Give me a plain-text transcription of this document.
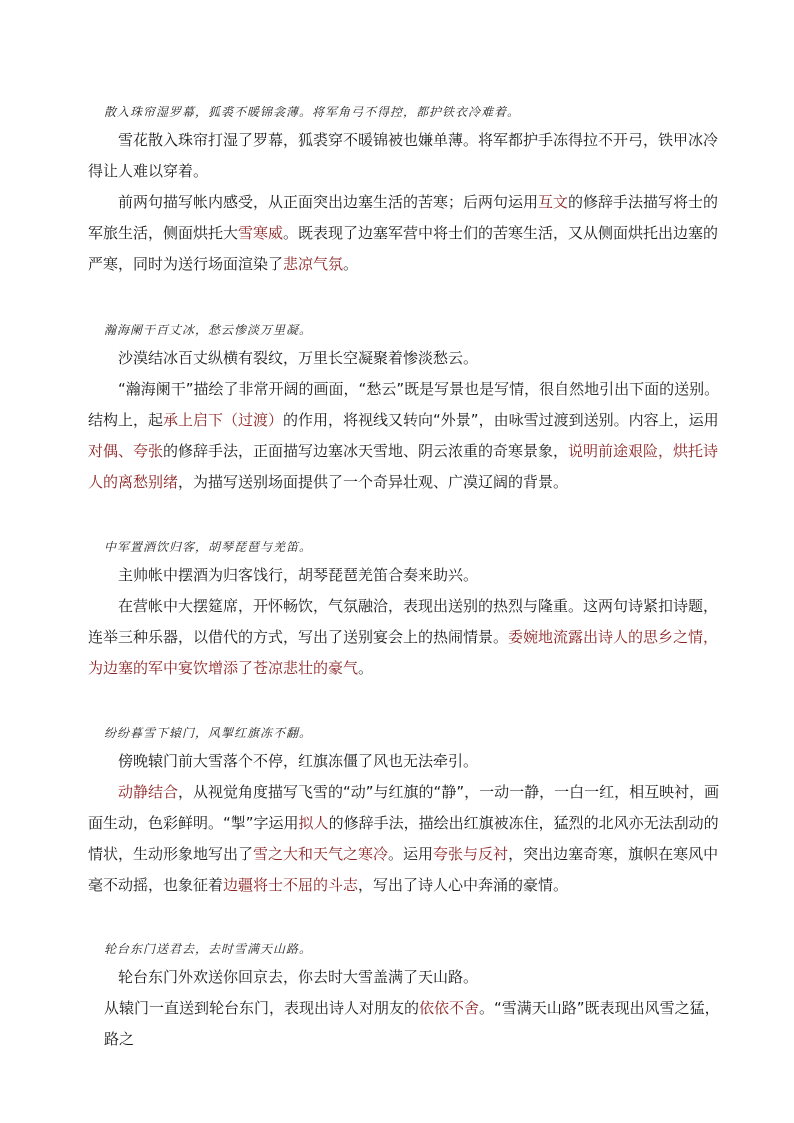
散入珠帘湿罗幕，狐裘不暖锦衾薄。将军角弓不得控，都护铁衣冷难着。

雪花散入珠帘打湿了罗幕，狐裘穿不暖锦被也嫌单薄。将军都护手冻得拉不开弓，铁甲冰冷得让人难以穿着。

前两句描写帐内感受，从正面突出边塞生活的苦寒；后两句运用互文的修辞手法描写将士的军旅生活，侧面烘托大雪寒威。既表现了边塞军营中将士们的苦寒生活，又从侧面烘托出边塞的严寒，同时为送行场面渲染了悲凉气氛。

瀚海阑干百丈冰，愁云惨淡万里凝。

沙漠结冰百丈纵横有裂纹，万里长空凝聚着惨淡愁云。

“瀚海阑干”描绘了非常开阔的画面，“愁云”既是写景也是写情，很自然地引出下面的送别。结构上，起承上启下（过渡）的作用，将视线又转向“外景”，由咏雪过渡到送别。内容上，运用对偶、夸张的修辞手法，正面描写边塞冰天雪地、阴云浓重的奇寒景象，说明前途艰险，烘托诗人的离愁别绪，为描写送别场面提供了一个奇异壮观、广漠辽阔的背景。

中军置酒饮归客，胡琴琵琶与羌笛。

主帅帐中摆酒为归客饯行，胡琴琵琶羌笛合奏来助兴。

在营帐中大摆筵席，开怀畅饮，气氛融洽，表现出送别的热烈与隆重。这两句诗紧扣诗题，连举三种乐器，以借代的方式，写出了送别宴会上的热闹情景。委婉地流露出诗人的思乡之情，为边塞的军中宴饮增添了苍凉悲壮的豪气。

纷纷暮雪下辕门，风掣红旗冻不翻。

傍晚辕门前大雪落个不停，红旗冻僵了风也无法牵引。

动静结合，从视觉角度描写飞雪的“动”与红旗的“静”，一动一静，一白一红，相互映衬，画面生动，色彩鲜明。“掣”字运用拟人的修辞手法，描绘出红旗被冻住，猛烈的北风亦无法刮动的情状，生动形象地写出了雪之大和天气之寒冷。运用夸张与反衬，突出边塞奇寒，旗帜在寒风中毫不动摇，也象征着边疆将士不屈的斗志，写出了诗人心中奔涌的豪情。

轮台东门送君去，去时雪满天山路。

轮台东门外欢送你回京去，你去时大雪盖满了天山路。

从辕门一直送到轮台东门，表现出诗人对朋友的依依不舍。“雪满天山路”既表现出风雪之猛，路之
